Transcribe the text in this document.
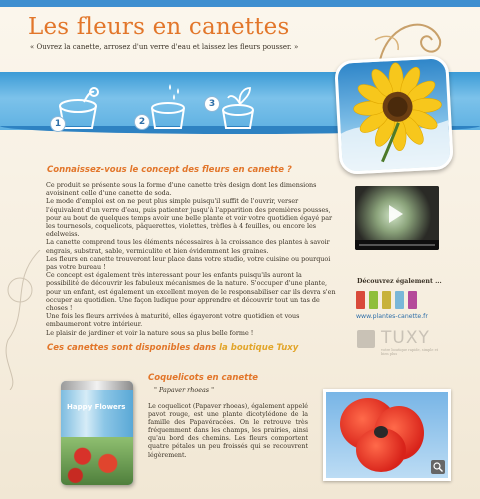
Les fleurs en canettes
« Ouvrez la canette, arrosez d'un verre d'eau et laissez les fleurs pousser. »
1	2
3
Connaissez-vous le concept des fleurs en canette ?

Ce produit se présente sous la forme d'une canette très design dont les dimensions avoisinent celle d'une canette de soda.

Le mode d'emploi est on ne peut plus simple puisqu'il suffit de l'ouvrir, verser l'équivalent d'un verre d'eau, puis patienter jusqu'à l'apparition des premières pousses, pour au bout de quelques temps avoir une belle plante et voir votre quotidien égayé par les tournesols, coquelicots, pâquerettes, violettes, trèfles à 4 feuilles, ou encore les edelweiss.

La canette comprend tous les éléments nécessaires à la croissance des plantes à savoir engrais, substrat, sable, vermiculite et bien évidemment les graines.

Les fleurs en canette trouveront leur place dans votre studio, votre cuisine ou pourquoi pas votre bureau !

Ce concept est également très interessant pour les enfants puisqu'ils auront la possibilité de découvrir les fabuleux mécanismes de la nature. S'occuper d'une plante, pour un enfant, est également un excellent moyen de le responsabiliser car ils devra s'en occuper au quotidien. Une façon ludique pour apprendre et découvrir tout un tas de choses !

Une fois les fleurs arrivées à maturité, elles égayeront votre quotidien et vous embaumeront votre intérieur.

Le plaisir de jardiner et voir la nature sous sa plus belle forme !

Découvrez également ...
www.plantes-canette.fr
TUXY
votre boutique rapide, simple et bien plus
Ces canettes sont disponibles dans la boutique Tuxy
Happy Flowers
Coquelicots en canette
" Papaver rhoeas "
Le coquelicot (Papaver rhoeas), également appelé pavot rouge, est une plante dicotylédone de la famille des Papavéracées. On le retrouve très fréquemment dans les champs, les prairies, ainsi qu'au bord des chemins. Les fleurs comportent quatre pétales un peu froissés qui se recouvrent légèrement.
